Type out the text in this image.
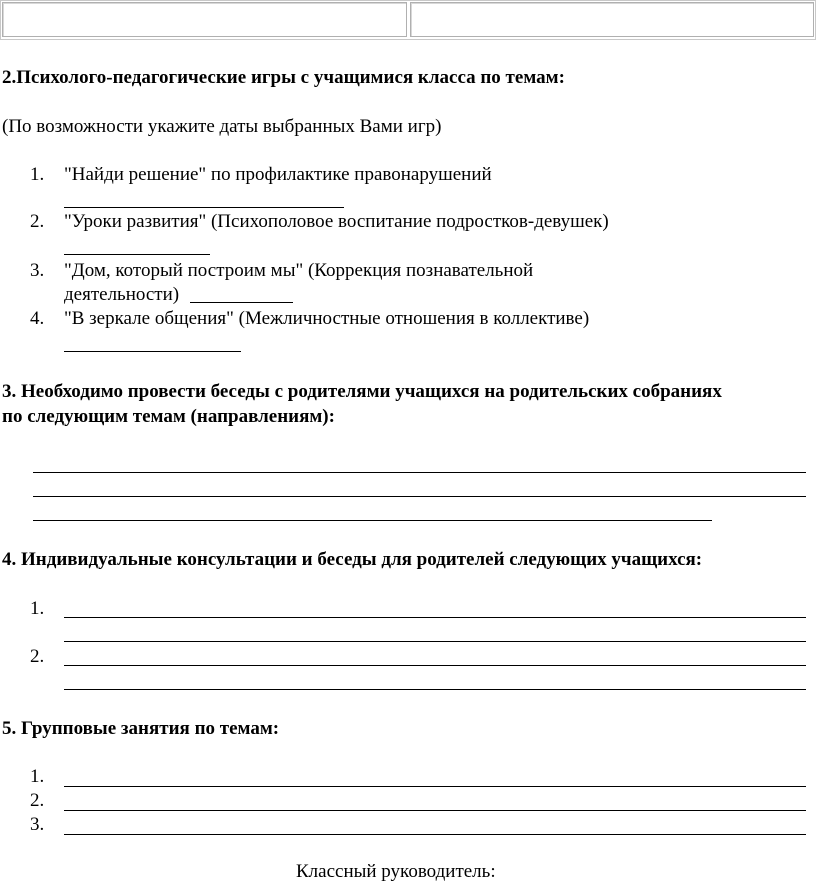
2.Психолого-педагогические игры с учащимися класса по темам:
(По возможности укажите даты выбранных Вами игр)
1. "Найди решение" по профилактике правонарушений
2. "Уроки развития" (Психополовое воспитание подростков-девушек)
3. "Дом, который построим мы" (Коррекция познавательной
деятельности)
4. "В зеркале общения" (Межличностные отношения в коллективе)
3. Необходимо провести беседы с родителями учащихся на родительских собраниях
по следующим темам (направлениям):
4. Индивидуальные консультации и беседы для родителей следующих учащихся:
1.
2.
5. Групповые занятия по темам:
1.
2.
3.
Классный руководитель:
